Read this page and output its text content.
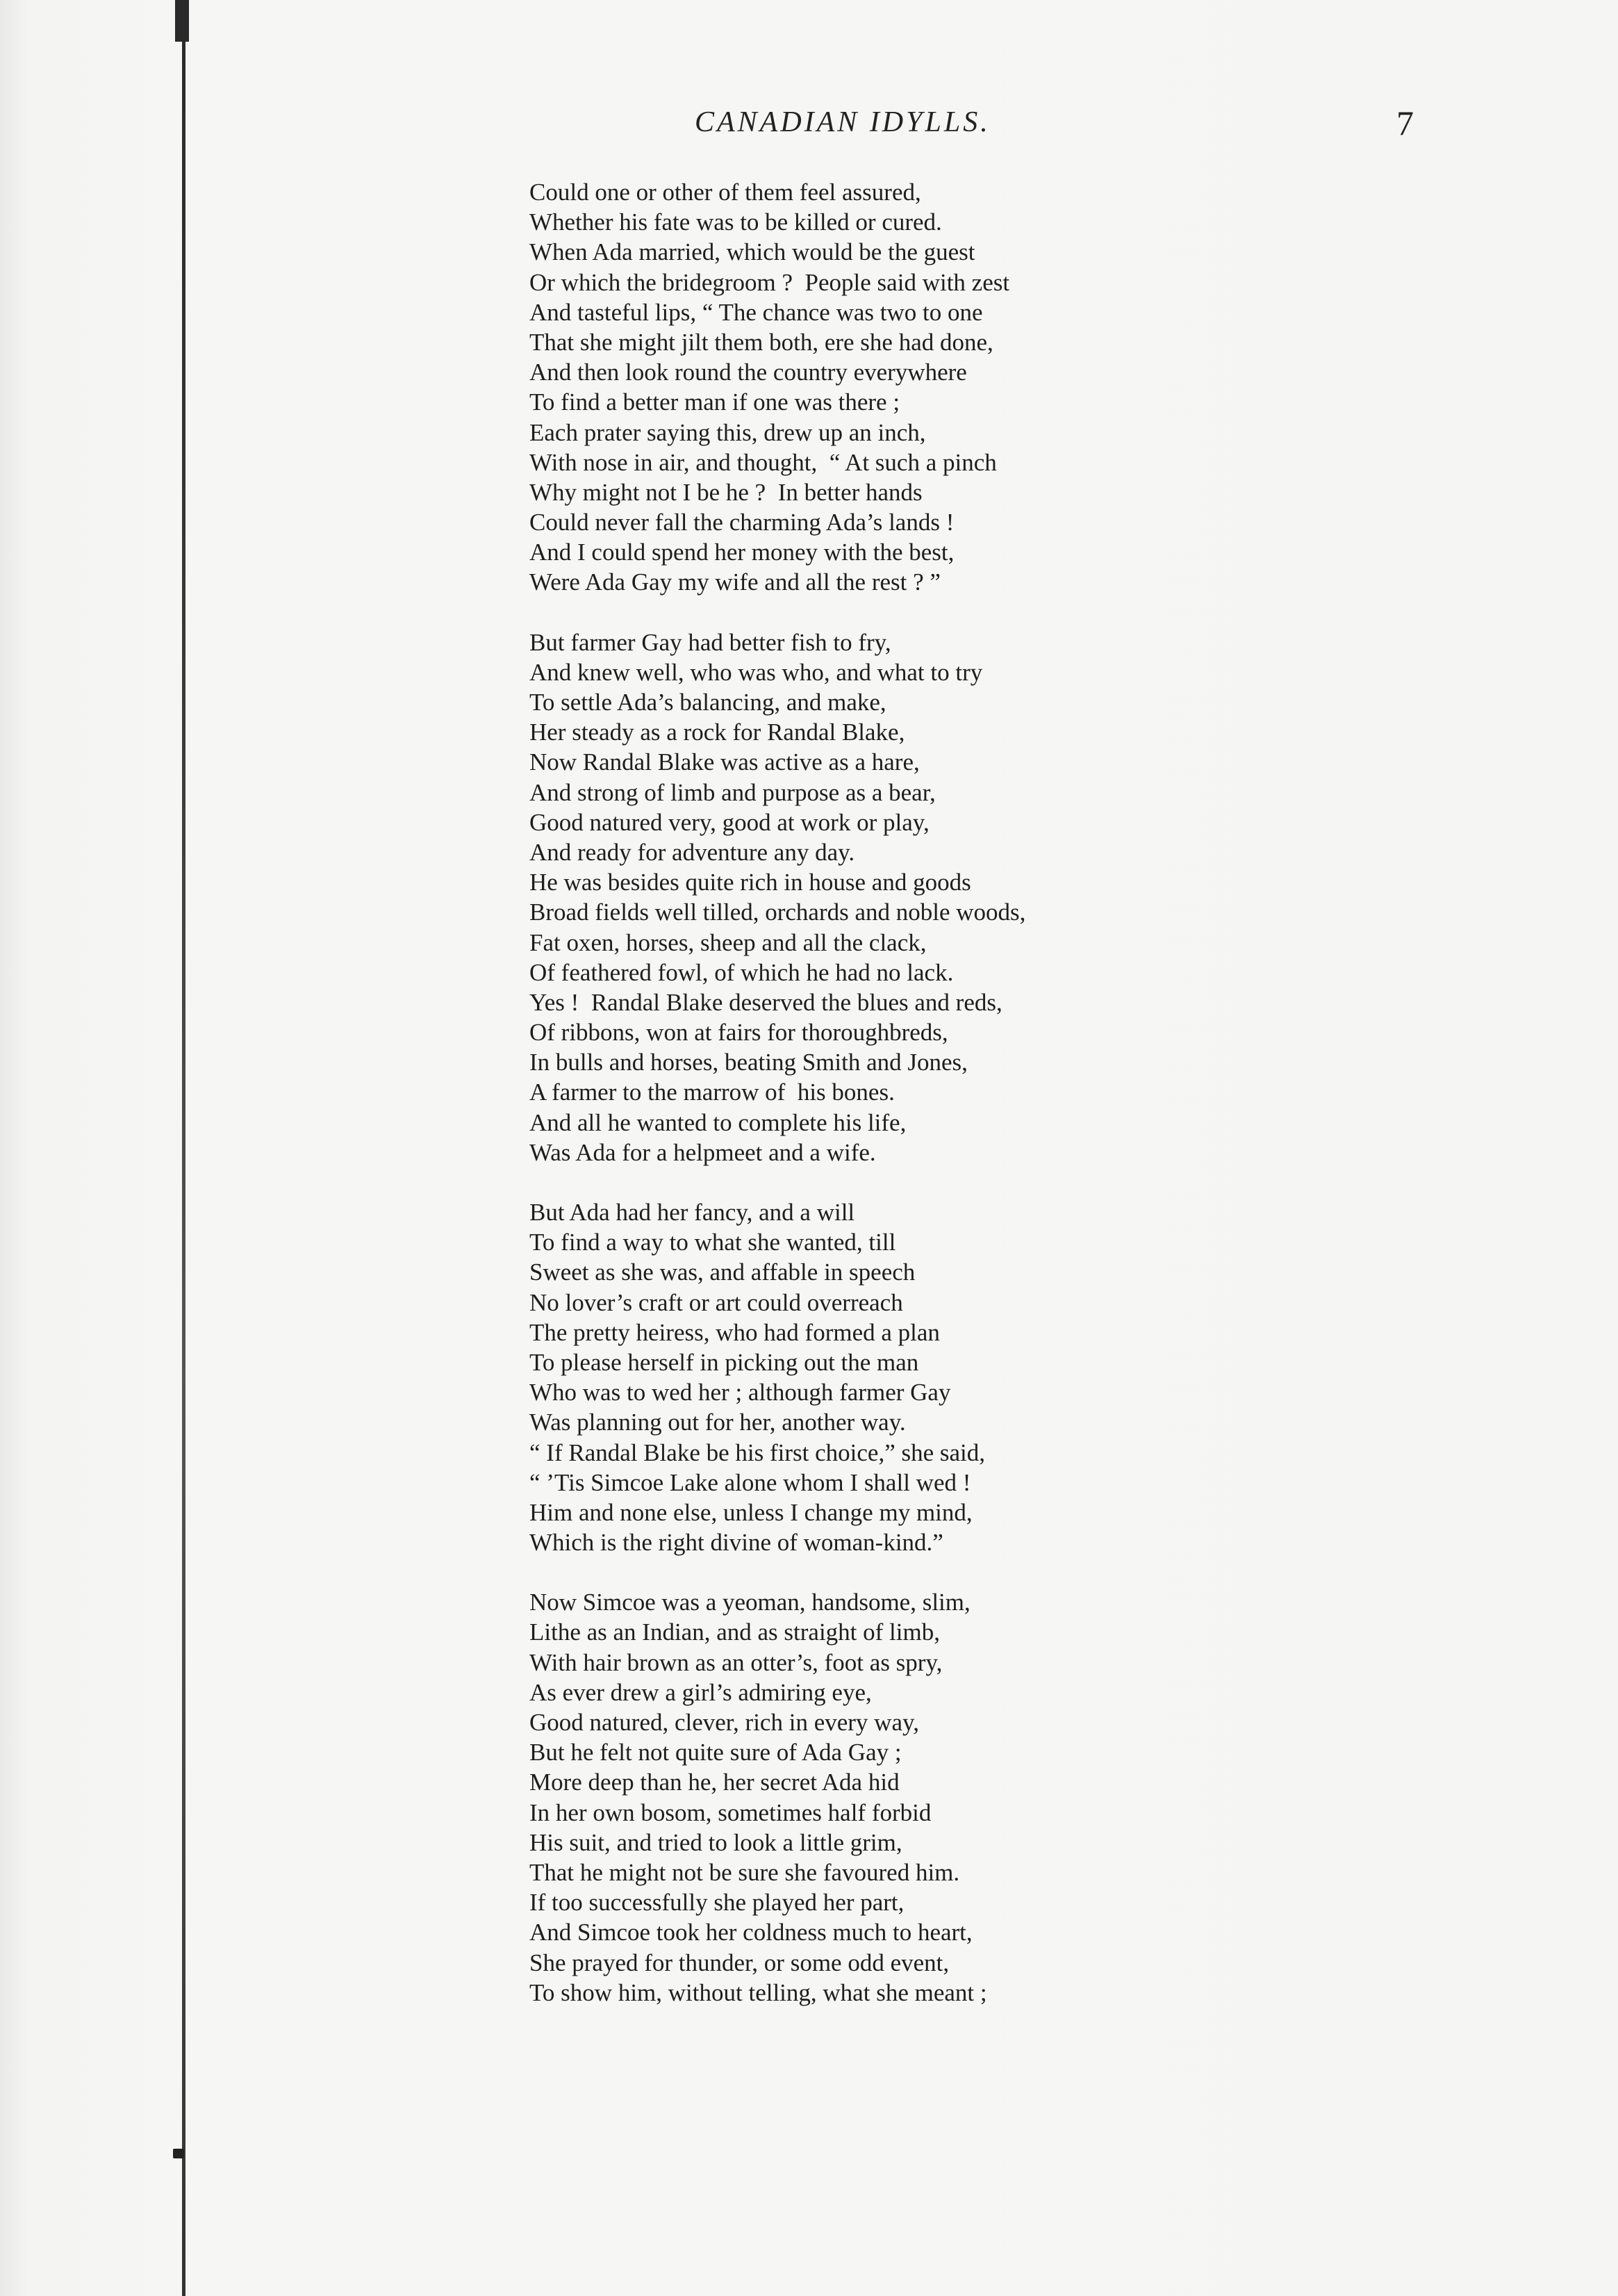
CANADIAN IDYLLS.	7
Could one or other of them feel assured,
Whether his fate was to be killed or cured.
When Ada married, which would be the guest
Or which the bridegroom ?  People said with zest
And tasteful lips, “ The chance was two to one
That she might jilt them both, ere she had done,
And then look round the country everywhere
To find a better man if one was there ;
Each prater saying this, drew up an inch,
With nose in air, and thought,  “ At such a pinch
Why might not I be he ?  In better hands
Could never fall the charming Ada’s lands !
And I could spend her money with the best,
Were Ada Gay my wife and all the rest ? ”
But farmer Gay had better fish to fry,
And knew well, who was who, and what to try
To settle Ada’s balancing, and make,
Her steady as a rock for Randal Blake,
Now Randal Blake was active as a hare,
And strong of limb and purpose as a bear,
Good natured very, good at work or play,
And ready for adventure any day.
He was besides quite rich in house and goods
Broad fields well tilled, orchards and noble woods,
Fat oxen, horses, sheep and all the clack,
Of feathered fowl, of which he had no lack.
Yes !  Randal Blake deserved the blues and reds,
Of ribbons, won at fairs for thoroughbreds,
In bulls and horses, beating Smith and Jones,
A farmer to the marrow of  his bones.
And all he wanted to complete his life,
Was Ada for a helpmeet and a wife.
But Ada had her fancy, and a will
To find a way to what she wanted, till
Sweet as she was, and affable in speech
No lover’s craft or art could overreach
The pretty heiress, who had formed a plan
To please herself in picking out the man
Who was to wed her ; although farmer Gay
Was planning out for her, another way.
“ If Randal Blake be his first choice,” she said,
“ ’Tis Simcoe Lake alone whom I shall wed !
Him and none else, unless I change my mind,
Which is the right divine of woman-kind.”
Now Simcoe was a yeoman, handsome, slim,
Lithe as an Indian, and as straight of limb,
With hair brown as an otter’s, foot as spry,
As ever drew a girl’s admiring eye,
Good natured, clever, rich in every way,
But he felt not quite sure of Ada Gay ;
More deep than he, her secret Ada hid
In her own bosom, sometimes half forbid
His suit, and tried to look a little grim,
That he might not be sure she favoured him.
If too successfully she played her part,
And Simcoe took her coldness much to heart,
She prayed for thunder, or some odd event,
To show him, without telling, what she meant ;
